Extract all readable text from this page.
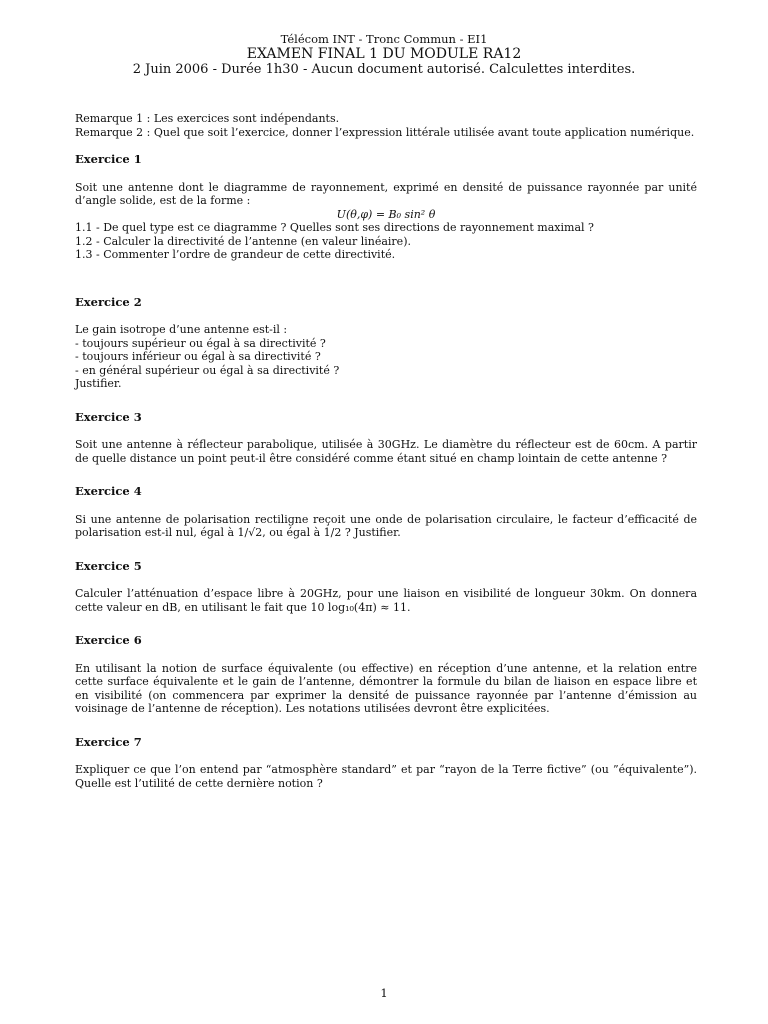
Télécom INT - Tronc Commun - EI1
EXAMEN FINAL 1 DU MODULE RA12
2 Juin 2006 - Durée 1h30 - Aucun document autorisé. Calculettes interdites.
Remarque 1 : Les exercices sont indépendants.
Remarque 2 : Quel que soit l’exercice, donner l’expression littérale utilisée avant toute application numérique.
Exercice 1
Soit une antenne dont le diagramme de rayonnement, exprimé en densité de puissance rayonnée par unité d’angle solide, est de la forme :
U(θ,φ) = B₀ sin² θ
1.1 - De quel type est ce diagramme ? Quelles sont ses directions de rayonnement maximal ?
1.2 - Calculer la directivité de l’antenne (en valeur linéaire).
1.3 - Commenter l’ordre de grandeur de cette directivité.
Exercice 2
Le gain isotrope d’une antenne est-il :
- toujours supérieur ou égal à sa directivité ?
- toujours inférieur ou égal à sa directivité ?
- en général supérieur ou égal à sa directivité ?
Justifier.
Exercice 3
Soit une antenne à réflecteur parabolique, utilisée à 30GHz. Le diamètre du réflecteur est de 60cm. A partir de quelle distance un point peut-il être considéré comme étant situé en champ lointain de cette antenne ?
Exercice 4
Si une antenne de polarisation rectiligne reçoit une onde de polarisation circulaire, le facteur d’efficacité de polarisation est-il nul, égal à 1/√2, ou égal à 1/2 ? Justifier.
Exercice 5
Calculer l’atténuation d’espace libre à 20GHz, pour une liaison en visibilité de longueur 30km. On donnera cette valeur en dB, en utilisant le fait que 10 log₁₀(4π) ≈ 11.
Exercice 6
En utilisant la notion de surface équivalente (ou effective) en réception d’une antenne, et la relation entre cette surface équivalente et le gain de l’antenne, démontrer la formule du bilan de liaison en espace libre et en visibilité (on commencera par exprimer la densité de puissance rayonnée par l’antenne d’émission au voisinage de l’antenne de réception). Les notations utilisées devront être explicitées.
Exercice 7
Expliquer ce que l’on entend par “atmosphère standard” et par “rayon de la Terre fictive” (ou ”équivalente”). Quelle est l’utilité de cette dernière notion ?
1
